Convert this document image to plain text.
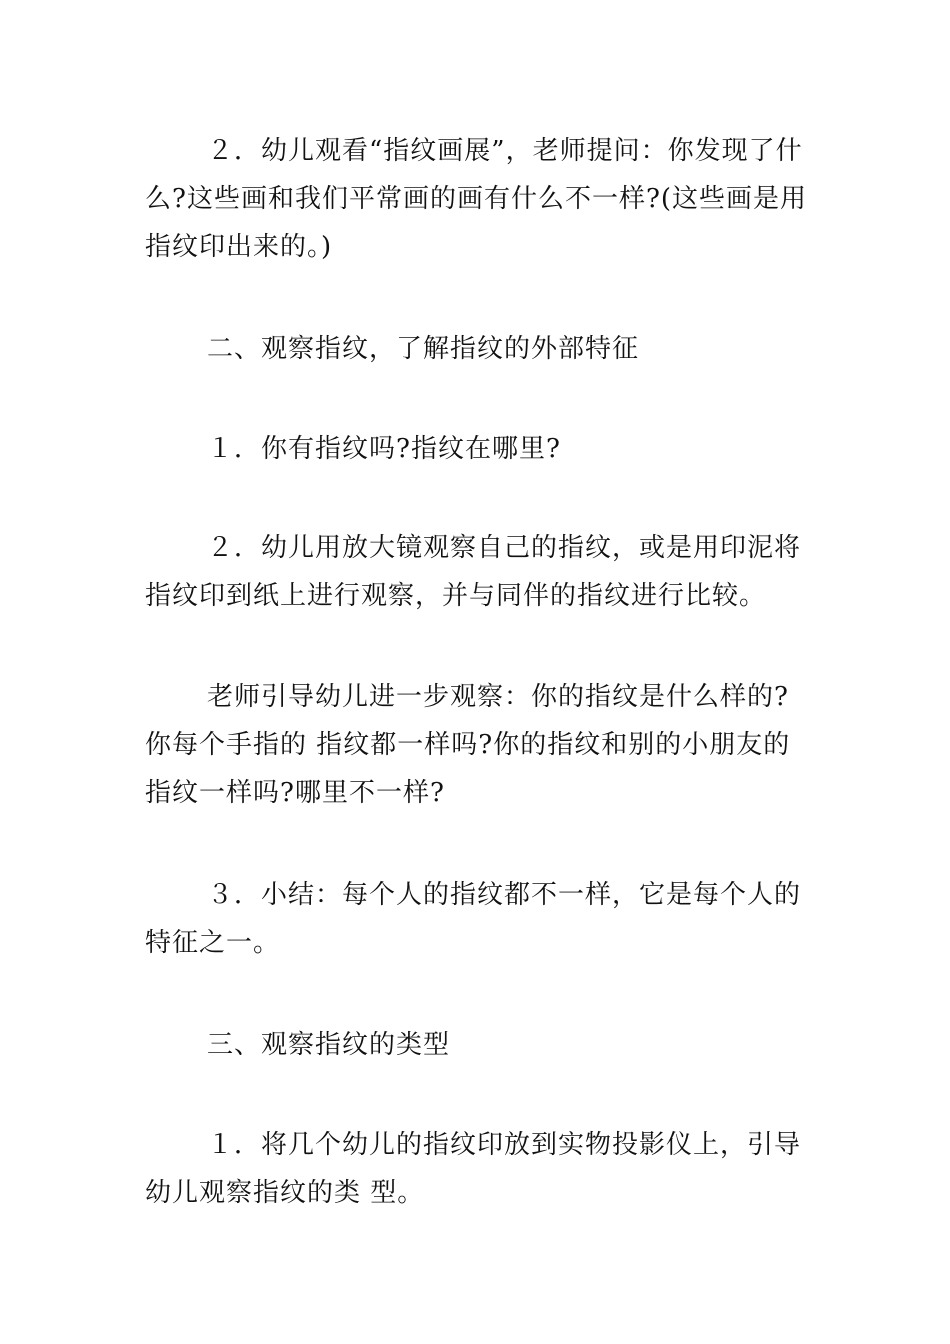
２．幼儿观看“指纹画展”，老师提问：你发现了什么?这些画和我们平常画的画有什么不一样?(这些画是用指纹印出来的。)

二、观察指纹，了解指纹的外部特征

１．你有指纹吗?指纹在哪里?

２．幼儿用放大镜观察自己的指纹，或是用印泥将指纹印到纸上进行观察，并与同伴的指纹进行比较。

老师引导幼儿进一步观察：你的指纹是什么样的?你每个手指的 指纹都一样吗?你的指纹和别的小朋友的指纹一样吗?哪里不一样?

３．小结：每个人的指纹都不一样，它是每个人的特征之一。

三、观察指纹的类型

１．将几个幼儿的指纹印放到实物投影仪上，引导幼儿观察指纹的类 型。
